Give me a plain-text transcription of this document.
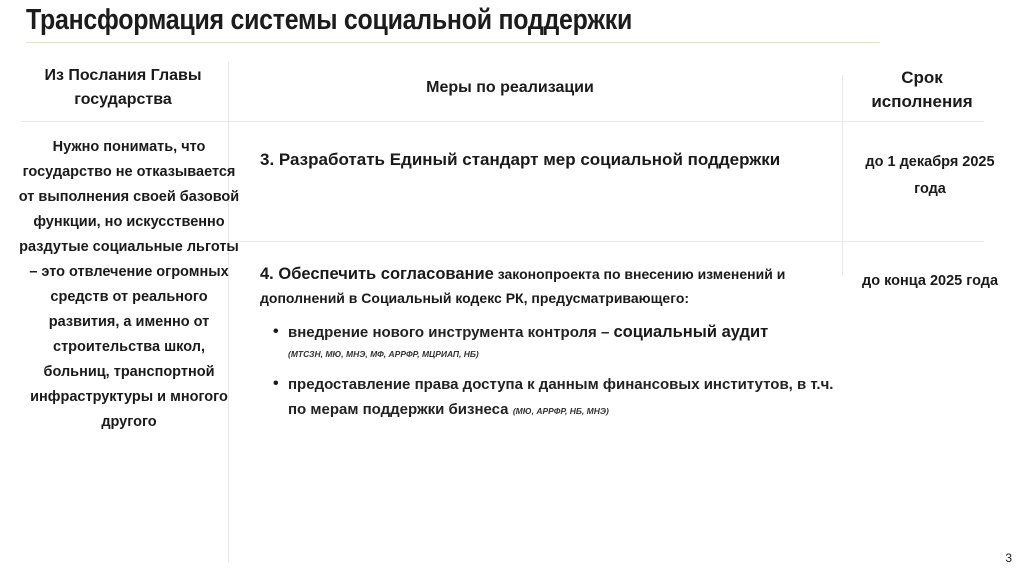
Трансформация системы социальной поддержки
Из Послания Главы государства
Меры по реализации
Срок исполнения
Нужно понимать, что государство не отказывается от выполнения своей базовой функции, но искусственно раздутые социальные льготы – это отвлечение огромных средств от реального развития, а именно от строительства школ, больниц, транспортной инфраструктуры и многого другого
3. Разработать Единый стандарт мер социальной поддержки
4. Обеспечить согласование законопроекта по внесению изменений и дополнений в Социальный кодекс РК, предусматривающего:
• внедрение нового инструмента контроля – социальный аудит
(МТСЗН, МЮ, МНЭ, МФ, АРРФР, МЦРИАП, НБ)
• предоставление права доступа к данным финансовых институтов, в т.ч. по мерам поддержки бизнеса (МЮ, АРРФР, НБ, МНЭ)
до 1 декабря 2025 года
до конца 2025 года
3
